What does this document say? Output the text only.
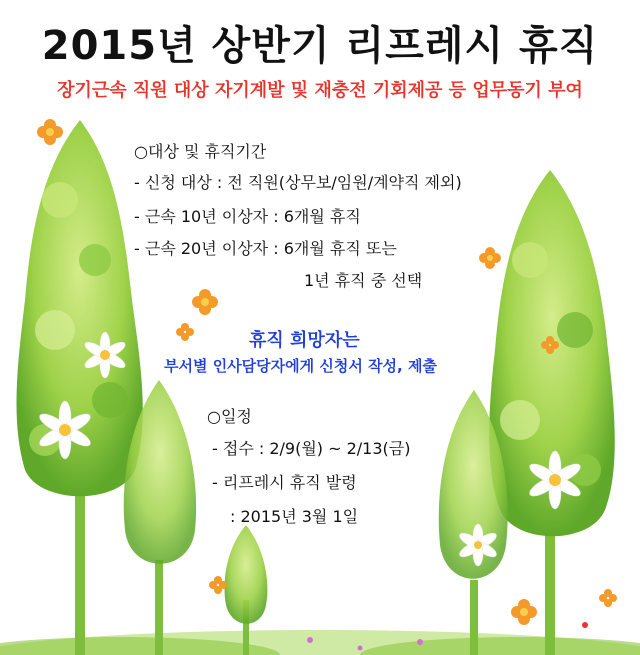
2015년 상반기 리프레시 휴직
장기근속 직원 대상 자기계발 및 재충전 기회제공 등 업무동기 부여
○대상 및 휴직기간
- 신청 대상 : 전 직원(상무보/임원/계약직 제외)
- 근속 10년 이상자 : 6개월 휴직
- 근속 20년 이상자 : 6개월 휴직 또는
1년 휴직 중 선택
휴직 희망자는
부서별 인사담당자에게 신청서 작성, 제출
○일정
- 접수 : 2/9(월) ~ 2/13(금)
- 리프레시 휴직 발령
: 2015년 3월 1일
